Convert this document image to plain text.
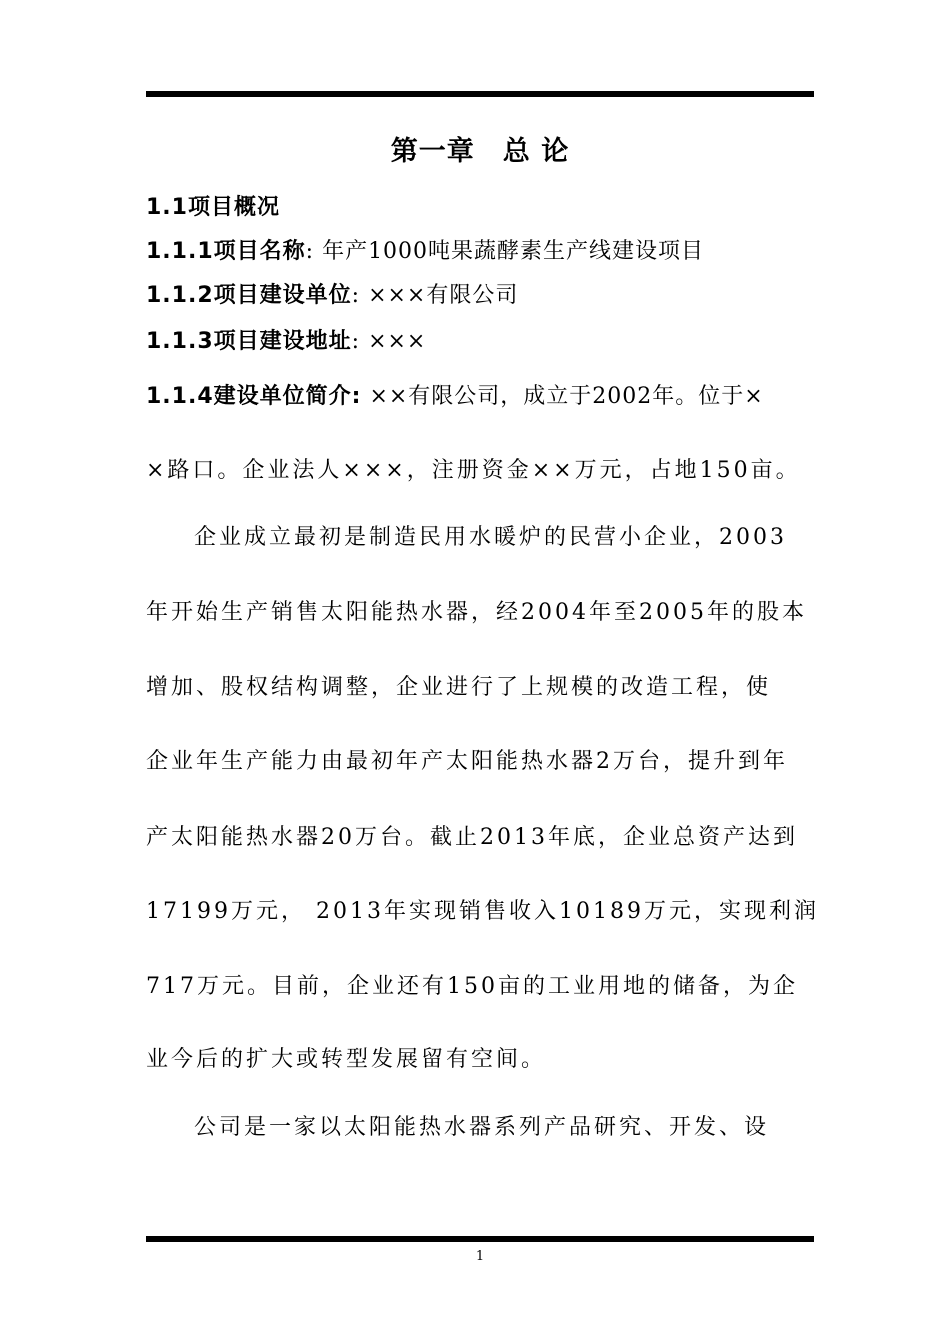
第一章 总 论
1.1项目概况
1.1.1项目名称: 年产1000吨果蔬酵素生产线建设项目
1.1.2项目建设单位: ×××有限公司
1.1.3项目建设地址: ×××
1.1.4建设单位简介: ××有限公司，成立于2002年。位于×
×路口。企业法人×××，注册资金××万元，占地150亩。
企业成立最初是制造民用水暖炉的民营小企业，2003
年开始生产销售太阳能热水器，经2004年至2005年的股本
增加、股权结构调整，企业进行了上规模的改造工程，使
企业年生产能力由最初年产太阳能热水器2万台，提升到年
产太阳能热水器20万台。截止2013年底，企业总资产达到
17199万元， 2013年实现销售收入10189万元，实现利润
717万元。目前，企业还有150亩的工业用地的储备，为企
业今后的扩大或转型发展留有空间。
公司是一家以太阳能热水器系列产品研究、开发、设
1
